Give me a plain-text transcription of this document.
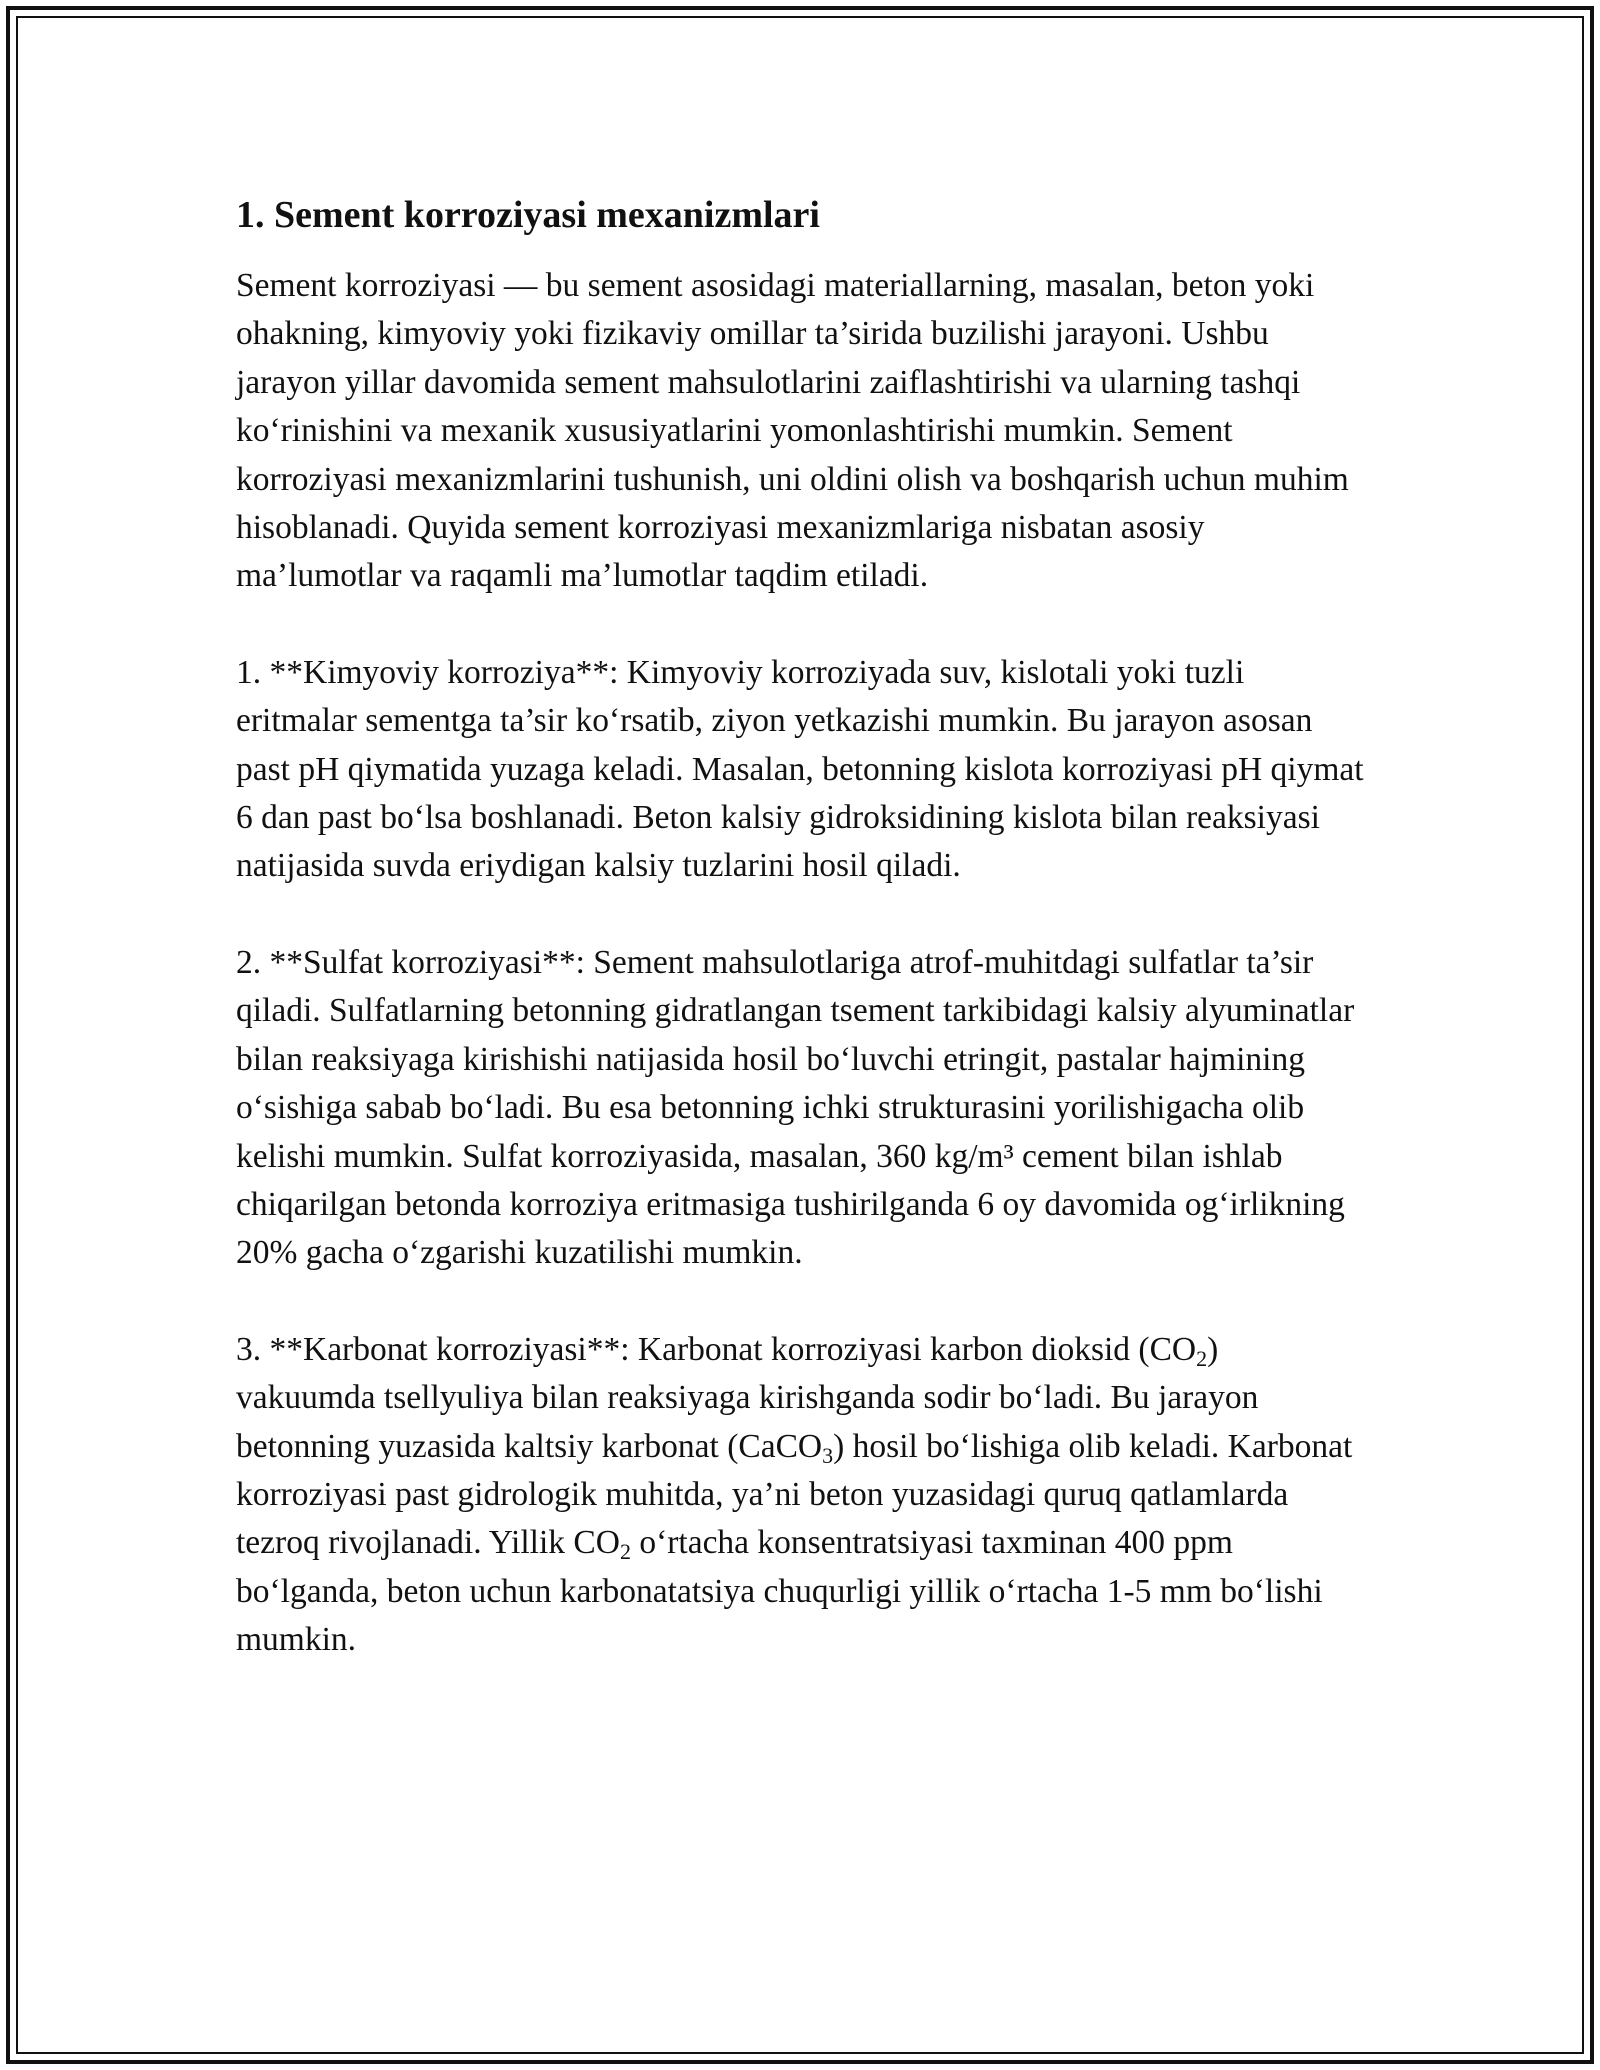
1. Sement korroziyasi mexanizmlari

Sement korroziyasi — bu sement asosidagi materiallarning, masalan, beton yoki ohakning, kimyoviy yoki fizikaviy omillar ta’sirida buzilishi jarayoni. Ushbu jarayon yillar davomida sement mahsulotlarini zaiflashtirishi va ularning tashqi koʻrinishini va mexanik xususiyatlarini yomonlashtirishi mumkin. Sement korroziyasi mexanizmlarini tushunish, uni oldini olish va boshqarish uchun muhim hisoblanadi. Quyida sement korroziyasi mexanizmlariga nisbatan asosiy ma’lumotlar va raqamli ma’lumotlar taqdim etiladi.

1. **Kimyoviy korroziya**: Kimyoviy korroziyada suv, kislotali yoki tuzli eritmalar sementga ta’sir koʻrsatib, ziyon yetkazishi mumkin. Bu jarayon asosan past pH qiymatida yuzaga keladi. Masalan, betonning kislota korroziyasi pH qiymat 6 dan past boʻlsa boshlanadi. Beton kalsiy gidroksidining kislota bilan reaksiyasi natijasida suvda eriydigan kalsiy tuzlarini hosil qiladi.

2. **Sulfat korroziyasi**: Sement mahsulotlariga atrof-muhitdagi sulfatlar ta’sir qiladi. Sulfatlarning betonning gidratlangan tsement tarkibidagi kalsiy alyuminatlar bilan reaksiyaga kirishishi natijasida hosil boʻluvchi etringit, pastalar hajmining oʻsishiga sabab boʻladi. Bu esa betonning ichki strukturasini yorilishigacha olib kelishi mumkin. Sulfat korroziyasida, masalan, 360 kg/m³ cement bilan ishlab chiqarilgan betonda korroziya eritmasiga tushirilganda 6 oy davomida ogʻirlikning 20% gacha oʻzgarishi kuzatilishi mumkin.

3. **Karbonat korroziyasi**: Karbonat korroziyasi karbon dioksid $(CO_2)$ vakuumda tsellyuliya bilan reaksiyaga kirishganda sodir boʻladi. Bu jarayon betonning yuzasida kaltsiy karbonat (CaCO$_3$) hosil boʻlishiga olib keladi. Karbonat korroziyasi past gidrologik muhitda, ya’ni beton yuzasidagi quruq qatlamlarda tezroq rivojlanadi. Yillik $CO_2$ oʻrtacha konsentratsiyasi taxminan 400 ppm boʻlganda, beton uchun karbonatatsiya chuqurligi yillik oʻrtacha 1-5 mm boʻlishi mumkin.
